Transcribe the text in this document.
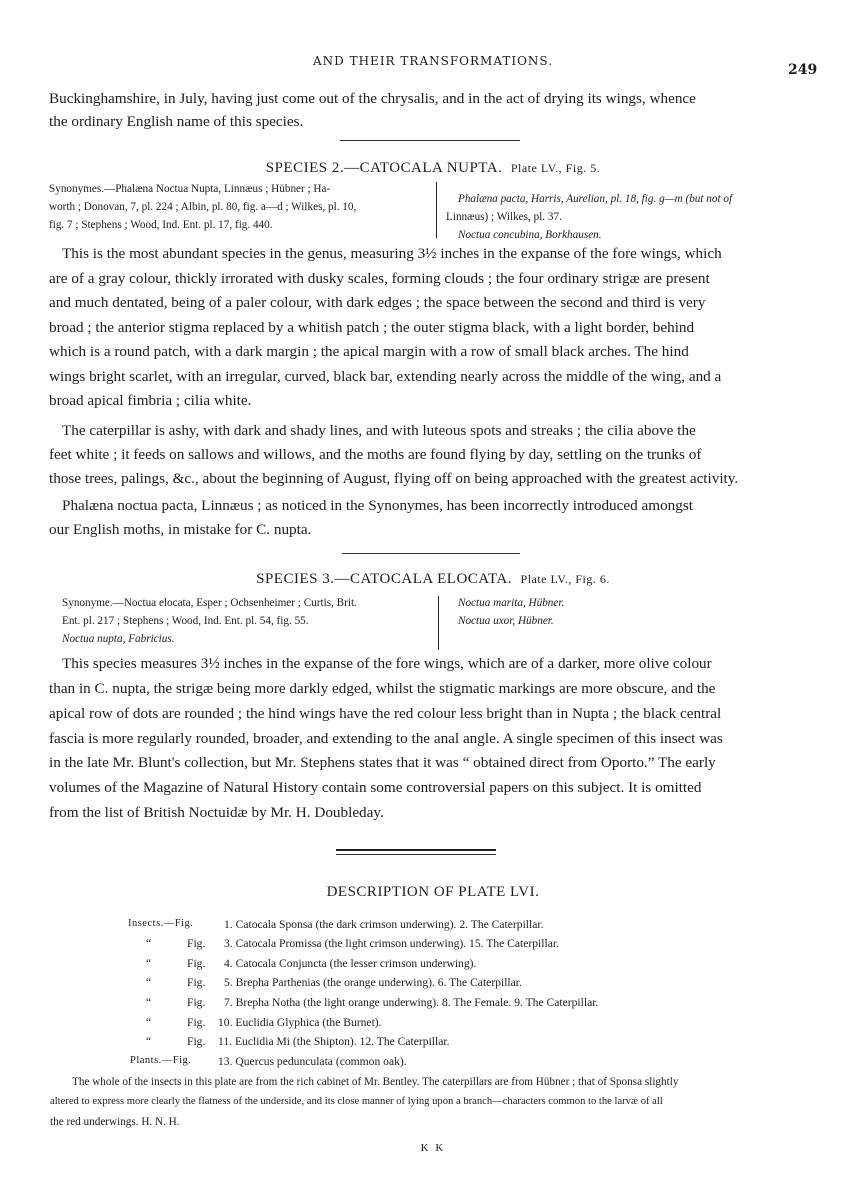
AND THEIR TRANSFORMATIONS.
249
Buckinghamshire, in July, having just come out of the chrysalis, and in the act of drying its wings, whence
the ordinary English name of this species.
SPECIES 2.—CATOCALA NUPTA. Plate LV., Fig. 5.
Synonymes.—Phalæna Noctua Nupta, Linnæus ; Hübner ; Ha-
worth ; Donovan, 7, pl. 224 ; Albin, pl. 80, fig. a—d ; Wilkes, pl. 10,
fig. 7 ; Stephens ; Wood, Ind. Ent. pl. 17, fig. 440.
Phalæna pacta, Harris, Aurelian, pl. 18, fig. g—m (but not of
Linnæus) ; Wilkes, pl. 37.
Noctua concubina, Borkhausen.
This is the most abundant species in the genus, measuring 3½ inches in the expanse of the fore wings, which
are of a gray colour, thickly irrorated with dusky scales, forming clouds ; the four ordinary strigæ are present
and much dentated, being of a paler colour, with dark edges ; the space between the second and third is very
broad ; the anterior stigma replaced by a whitish patch ; the outer stigma black, with a light border, behind
which is a round patch, with a dark margin ; the apical margin with a row of small black arches. The hind
wings bright scarlet, with an irregular, curved, black bar, extending nearly across the middle of the wing, and a
broad apical fimbria ; cilia white.
The caterpillar is ashy, with dark and shady lines, and with luteous spots and streaks ; the cilia above the
feet white ; it feeds on sallows and willows, and the moths are found flying by day, settling on the trunks of
those trees, palings, &c., about the beginning of August, flying off on being approached with the greatest activity.
Phalæna noctua pacta, Linnæus ; as noticed in the Synonymes, has been incorrectly introduced amongst
our English moths, in mistake for C. nupta.
SPECIES 3.—CATOCALA ELOCATA. Plate LV., Fig. 6.
Synonyme.—Noctua elocata, Esper ; Ochsenheimer ; Curtis, Brit.
Ent. pl. 217 ; Stephens ; Wood, Ind. Ent. pl. 54, fig. 55.
Noctua nupta, Fabricius.
Noctua marita, Hübner.
Noctua uxor, Hübner.
This species measures 3½ inches in the expanse of the fore wings, which are of a darker, more olive colour
than in C. nupta, the strigæ being more darkly edged, whilst the stigmatic markings are more obscure, and the
apical row of dots are rounded ; the hind wings have the red colour less bright than in Nupta ; the black central
fascia is more regularly rounded, broader, and extending to the anal angle. A single specimen of this insect was
in the late Mr. Blunt's collection, but Mr. Stephens states that it was “ obtained direct from Oporto.” The early
volumes of the Magazine of Natural History contain some controversial papers on this subject. It is omitted
from the list of British Noctuidæ by Mr. H. Doubleday.
DESCRIPTION OF PLATE LVI.
Insects.—Fig.	1. Catocala Sponsa (the dark crimson underwing). 2. The Caterpillar.
“	Fig. 3. Catocala Promissa (the light crimson underwing). 15. The Caterpillar.
“	Fig. 4. Catocala Conjuncta (the lesser crimson underwing).
“	Fig. 5. Brepha Parthenias (the orange underwing). 6. The Caterpillar.
“	Fig. 7. Brepha Notha (the light orange underwing). 8. The Female. 9. The Caterpillar.
“	Fig. 10. Euclidia Glyphica (the Burnet).
“	Fig. 11. Euclidia Mi (the Shipton). 12. The Caterpillar.
Plants.—Fig. 13. Quercus pedunculata (common oak).
The whole of the insects in this plate are from the rich cabinet of Mr. Bentley. The caterpillars are from Hübner ; that of Sponsa slightly
altered to express more clearly the flatness of the underside, and its close manner of lying upon a branch—characters common to the larvæ of all
the red underwings. H. N. H.
K K
